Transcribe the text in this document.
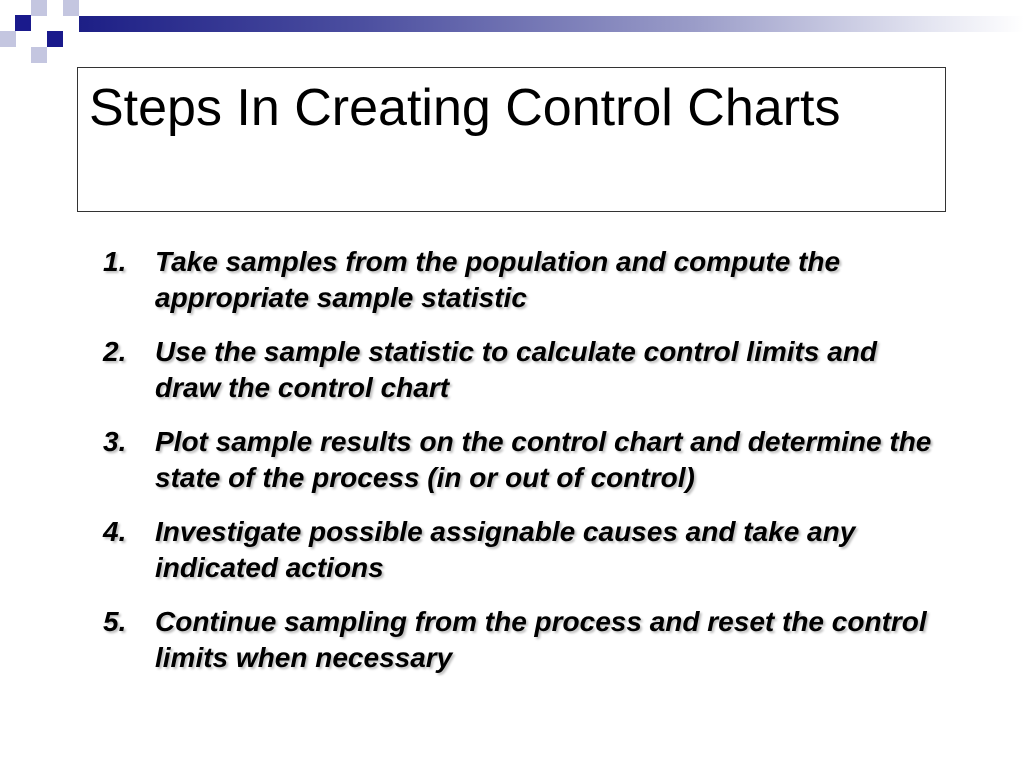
Steps In Creating Control Charts
1.	Take samples from the population and compute the appropriate sample statistic
2.	Use the sample statistic to calculate control limits and draw the control chart
3.	Plot sample results on the control chart and determine the state of the process (in or out of control)
4.	Investigate possible assignable causes and take any indicated actions
5.	Continue sampling from the process and reset the control limits when necessary
